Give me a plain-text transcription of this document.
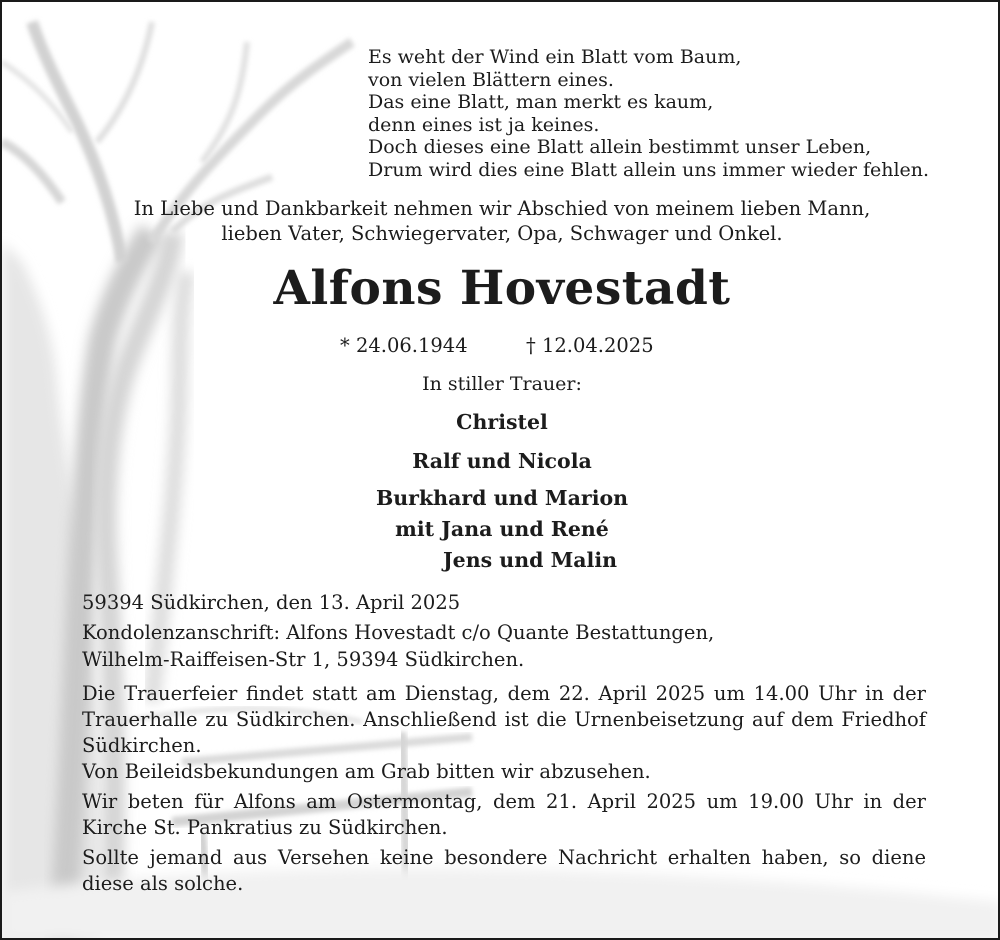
Es weht der Wind ein Blatt vom Baum,
von vielen Blättern eines.
Das eine Blatt, man merkt es kaum,
denn eines ist ja keines.
Doch dieses eine Blatt allein bestimmt unser Leben,
Drum wird dies eine Blatt allein uns immer wieder fehlen.
In Liebe und Dankbarkeit nehmen wir Abschied von meinem lieben Mann,
lieben Vater, Schwiegervater, Opa, Schwager und Onkel.
Alfons Hovestadt
* 24.06.1944	† 12.04.2025
In stiller Trauer:
Christel
Ralf und Nicola
Burkhard und Marion
mit Jana und René
Jens und Malin
59394 Südkirchen, den 13. April 2025
Kondolenzanschrift: Alfons Hovestadt c/o Quante Bestattungen,
Wilhelm-Raiffeisen-Str 1, 59394 Südkirchen.
Die Trauerfeier findet statt am Dienstag, dem 22. April 2025 um 14.00 Uhr in der Trauerhalle zu Südkirchen. Anschließend ist die Urnenbeisetzung auf dem Friedhof Südkirchen.
Von Beileidsbekundungen am Grab bitten wir abzusehen.
Wir beten für Alfons am Ostermontag, dem 21. April 2025 um 19.00 Uhr in der Kirche St. Pankratius zu Südkirchen.
Sollte jemand aus Versehen keine besondere Nachricht erhalten haben, so diene diese als solche.
